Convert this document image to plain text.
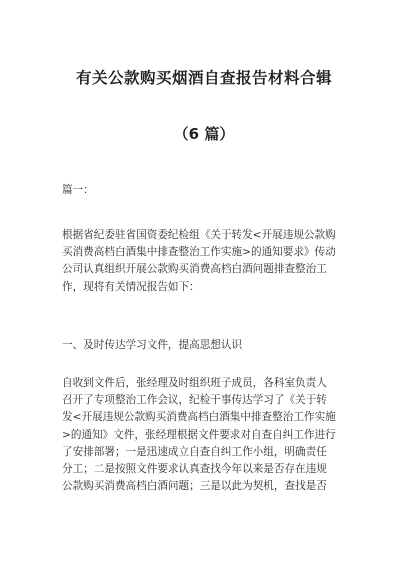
有关公款购买烟酒自查报告材料合辑
（6 篇）
篇一：
根据省纪委驻省国资委纪检组《关于转发<开展违规公款购
买消费高档白酒集中排查整治工作实施>的通知要求》传动
公司认真组织开展公款购买消费高档白酒问题排查整治工
作，现将有关情况报告如下：
一、及时传达学习文件，提高思想认识
自收到文件后，张经理及时组织班子成员，各科室负责人
召开了专项整治工作会议，纪检干事传达学习了《关于转
发<开展违规公款购买消费高档白酒集中排查整治工作实施
>的通知》文件，张经理根据文件要求对自查自纠工作进行
了安排部署；一是迅速成立自查自纠工作小组，明确责任
分工；二是按照文件要求认真查找今年以来是否存在违规
公款购买消费高档白酒问题；三是以此为契机，查找是否
